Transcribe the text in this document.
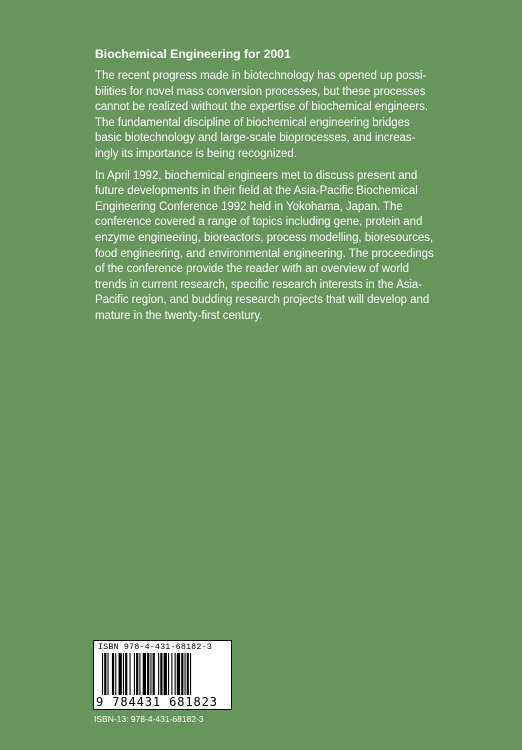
Biochemical Engineering for 2001

The recent progress made in biotechnology has opened up possi-
bilities for novel mass conversion processes, but these processes
cannot be realized without the expertise of biochemical engineers.
The fundamental discipline of biochemical engineering bridges
basic biotechnology and large-scale bioprocesses, and increas-
ingly its importance is being recognized.

In April 1992, biochemical engineers met to discuss present and
future developments in their field at the Asia-Pacific Biochemical
Engineering Conference 1992 held in Yokohama, Japan. The
conference covered a range of topics including gene, protein and
enzyme engineering, bioreactors, process modelling, bioresources,
food engineering, and environmental engineering. The proceedings
of the conference provide the reader with an overview of world
trends in current research, specific research interests in the Asia-
Pacific region, and budding research projects that will develop and
mature in the twenty-first century.

ISBN 978-4-431-68182-3
9 784431 681823
ISBN-13: 978-4-431-68182-3
